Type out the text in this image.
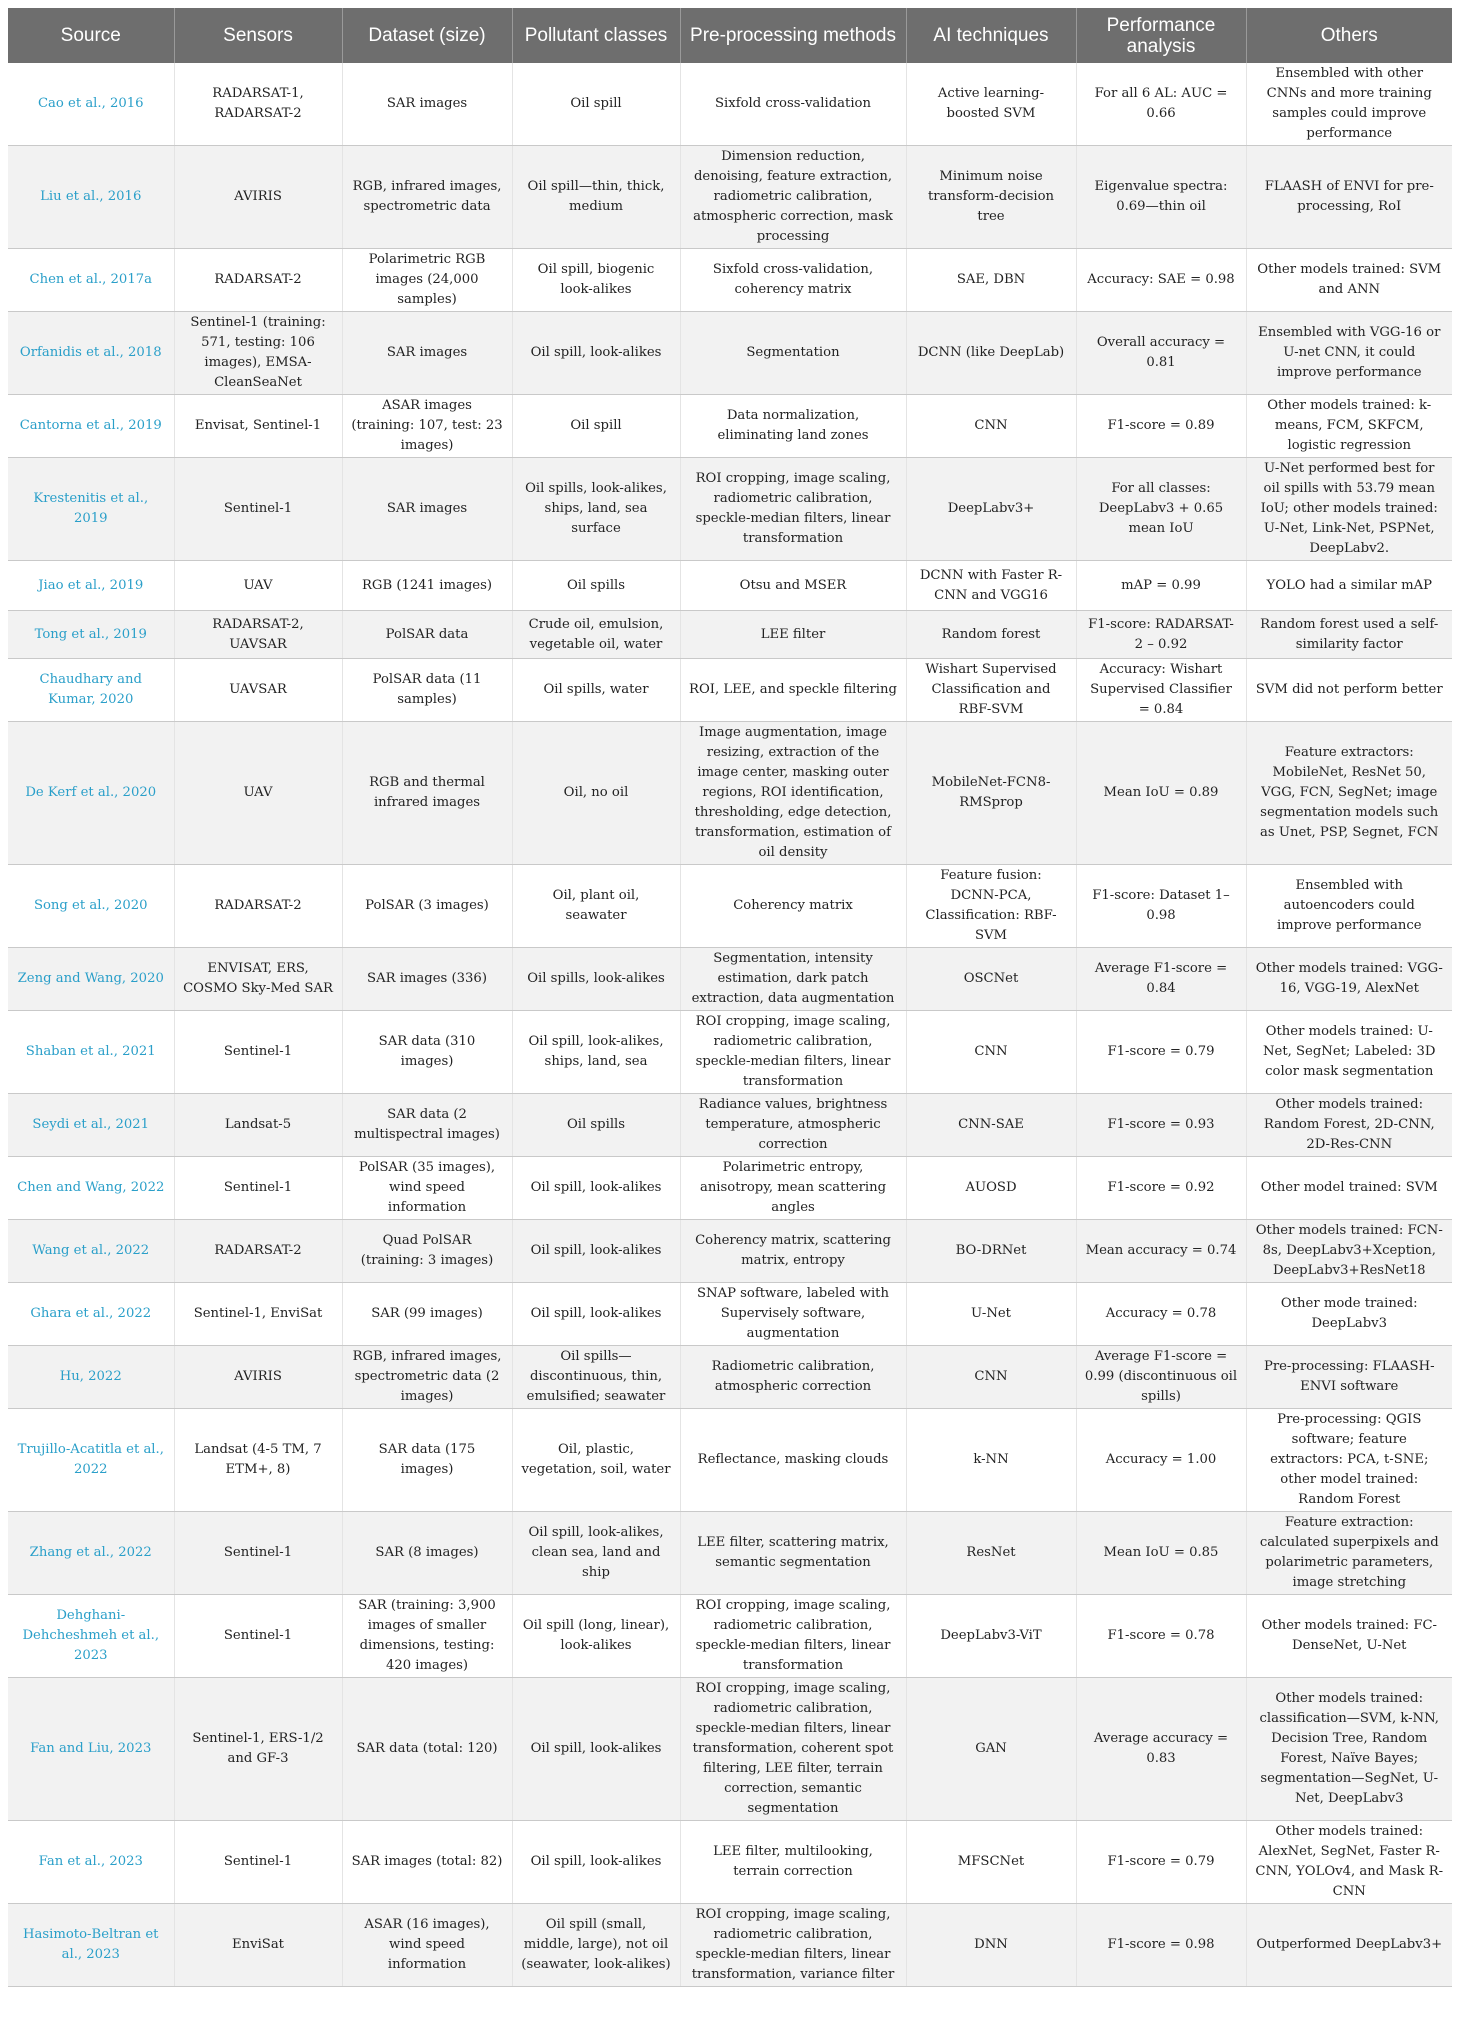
Source	Sensors	Dataset (size)	Pollutant classes	Pre-processing methods	AI techniques	Performance analysis	Others
Cao et al., 2016	RADARSAT-1, RADARSAT-2	SAR images	Oil spill	Sixfold cross-validation	Active learning-boosted SVM	For all 6 AL: AUC = 0.66	Ensembled with other CNNs and more training samples could improve performance
Liu et al., 2016	AVIRIS	RGB, infrared images, spectrometric data	Oil spill—thin, thick, medium	Dimension reduction, denoising, feature extraction, radiometric calibration, atmospheric correction, mask processing	Minimum noise transform-decision tree	Eigenvalue spectra: 0.69—thin oil	FLAASH of ENVI for pre-processing, RoI
Chen et al., 2017a	RADARSAT-2	Polarimetric RGB images (24,000 samples)	Oil spill, biogenic look-alikes	Sixfold cross-validation, coherency matrix	SAE, DBN	Accuracy: SAE = 0.98	Other models trained: SVM and ANN
Orfanidis et al., 2018	Sentinel-1 (training: 571, testing: 106 images), EMSA-CleanSeaNet	SAR images	Oil spill, look-alikes	Segmentation	DCNN (like DeepLab)	Overall accuracy = 0.81	Ensembled with VGG-16 or U-net CNN, it could improve performance
Cantorna et al., 2019	Envisat, Sentinel-1	ASAR images (training: 107, test: 23 images)	Oil spill	Data normalization, eliminating land zones	CNN	F1-score = 0.89	Other models trained: k-means, FCM, SKFCM, logistic regression
Krestenitis et al., 2019	Sentinel-1	SAR images	Oil spills, look-alikes, ships, land, sea surface	ROI cropping, image scaling, radiometric calibration, speckle-median filters, linear transformation	DeepLabv3+	For all classes: DeepLabv3 + 0.65 mean IoU	U-Net performed best for oil spills with 53.79 mean IoU; other models trained: U-Net, Link-Net, PSPNet, DeepLabv2.
Jiao et al., 2019	UAV	RGB (1241 images)	Oil spills	Otsu and MSER	DCNN with Faster R-CNN and VGG16	mAP = 0.99	YOLO had a similar mAP
Tong et al., 2019	RADARSAT-2, UAVSAR	PolSAR data	Crude oil, emulsion, vegetable oil, water	LEE filter	Random forest	F1-score: RADARSAT-2 – 0.92	Random forest used a self-similarity factor
Chaudhary and Kumar, 2020	UAVSAR	PolSAR data (11 samples)	Oil spills, water	ROI, LEE, and speckle filtering	Wishart Supervised Classification and RBF-SVM	Accuracy: Wishart Supervised Classifier = 0.84	SVM did not perform better
De Kerf et al., 2020	UAV	RGB and thermal infrared images	Oil, no oil	Image augmentation, image resizing, extraction of the image center, masking outer regions, ROI identification, thresholding, edge detection, transformation, estimation of oil density	MobileNet-FCN8-RMSprop	Mean IoU = 0.89	Feature extractors: MobileNet, ResNet 50, VGG, FCN, SegNet; image segmentation models such as Unet, PSP, Segnet, FCN
Song et al., 2020	RADARSAT-2	PolSAR (3 images)	Oil, plant oil, seawater	Coherency matrix	Feature fusion: DCNN-PCA, Classification: RBF-SVM	F1-score: Dataset 1– 0.98	Ensembled with autoencoders could improve performance
Zeng and Wang, 2020	ENVISAT, ERS, COSMO Sky-Med SAR	SAR images (336)	Oil spills, look-alikes	Segmentation, intensity estimation, dark patch extraction, data augmentation	OSCNet	Average F1-score = 0.84	Other models trained: VGG-16, VGG-19, AlexNet
Shaban et al., 2021	Sentinel-1	SAR data (310 images)	Oil spill, look-alikes, ships, land, sea	ROI cropping, image scaling, radiometric calibration, speckle-median filters, linear transformation	CNN	F1-score = 0.79	Other models trained: U-Net, SegNet; Labeled: 3D color mask segmentation
Seydi et al., 2021	Landsat-5	SAR data (2 multispectral images)	Oil spills	Radiance values, brightness temperature, atmospheric correction	CNN-SAE	F1-score = 0.93	Other models trained: Random Forest, 2D-CNN, 2D-Res-CNN
Chen and Wang, 2022	Sentinel-1	PolSAR (35 images), wind speed information	Oil spill, look-alikes	Polarimetric entropy, anisotropy, mean scattering angles	AUOSD	F1-score = 0.92	Other model trained: SVM
Wang et al., 2022	RADARSAT-2	Quad PolSAR (training: 3 images)	Oil spill, look-alikes	Coherency matrix, scattering matrix, entropy	BO-DRNet	Mean accuracy = 0.74	Other models trained: FCN-8s, DeepLabv3+Xception, DeepLabv3+ResNet18
Ghara et al., 2022	Sentinel-1, EnviSat	SAR (99 images)	Oil spill, look-alikes	SNAP software, labeled with Supervisely software, augmentation	U-Net	Accuracy = 0.78	Other mode trained: DeepLabv3
Hu, 2022	AVIRIS	RGB, infrared images, spectrometric data (2 images)	Oil spills—discontinuous, thin, emulsified; seawater	Radiometric calibration, atmospheric correction	CNN	Average F1-score = 0.99 (discontinuous oil spills)	Pre-processing: FLAASH-ENVI software
Trujillo-Acatitla et al., 2022	Landsat (4-5 TM, 7 ETM+, 8)	SAR data (175 images)	Oil, plastic, vegetation, soil, water	Reflectance, masking clouds	k-NN	Accuracy = 1.00	Pre-processing: QGIS software; feature extractors: PCA, t-SNE; other model trained: Random Forest
Zhang et al., 2022	Sentinel-1	SAR (8 images)	Oil spill, look-alikes, clean sea, land and ship	LEE filter, scattering matrix, semantic segmentation	ResNet	Mean IoU = 0.85	Feature extraction: calculated superpixels and polarimetric parameters, image stretching
Dehghani-Dehcheshmeh et al., 2023	Sentinel-1	SAR (training: 3,900 images of smaller dimensions, testing: 420 images)	Oil spill (long, linear), look-alikes	ROI cropping, image scaling, radiometric calibration, speckle-median filters, linear transformation	DeepLabv3-ViT	F1-score = 0.78	Other models trained: FC-DenseNet, U-Net
Fan and Liu, 2023	Sentinel-1, ERS-1/2 and GF-3	SAR data (total: 120)	Oil spill, look-alikes	ROI cropping, image scaling, radiometric calibration, speckle-median filters, linear transformation, coherent spot filtering, LEE filter, terrain correction, semantic segmentation	GAN	Average accuracy = 0.83	Other models trained: classification—SVM, k-NN, Decision Tree, Random Forest, Naïve Bayes; segmentation—SegNet, U-Net, DeepLabv3
Fan et al., 2023	Sentinel-1	SAR images (total: 82)	Oil spill, look-alikes	LEE filter, multilooking, terrain correction	MFSCNet	F1-score = 0.79	Other models trained: AlexNet, SegNet, Faster R-CNN, YOLOv4, and Mask R-CNN
Hasimoto-Beltran et al., 2023	EnviSat	ASAR (16 images), wind speed information	Oil spill (small, middle, large), not oil (seawater, look-alikes)	ROI cropping, image scaling, radiometric calibration, speckle-median filters, linear transformation, variance filter	DNN	F1-score = 0.98	Outperformed DeepLabv3+
